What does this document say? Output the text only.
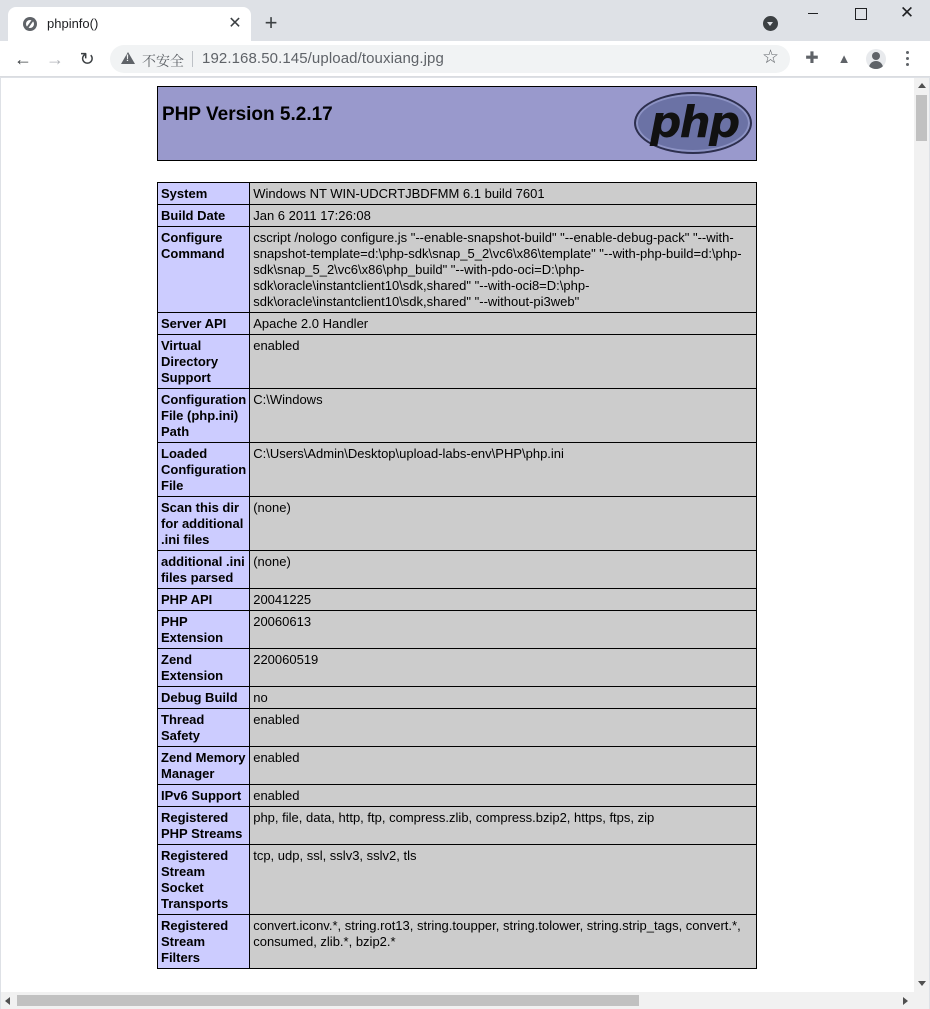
phpinfo()	✕ +	✕
← → ↻ !	不安全 192.168.50.145/upload/touxiang.jpg	☆ ✚ ▲
PHP Version 5.2.17	php
System	Windows NT WIN-UDCRTJBDFMM 6.1 build 7601
Build Date	Jan 6 2011 17:26:08
Configure Command	cscript /nologo configure.js "--enable-snapshot-build" "--enable-debug-pack" "--with-snapshot-template=d:\php-sdk\snap_5_2\vc6\x86\template" "--with-php-build=d:\php-sdk\snap_5_2\vc6\x86\php_build" "--with-pdo-oci=D:\php-sdk\oracle\instantclient10\sdk,shared" "--with-oci8=D:\php-sdk\oracle\instantclient10\sdk,shared" "--without-pi3web"
Server API	Apache 2.0 Handler
Virtual Directory Support	enabled
Configuration File (php.ini) Path	C:\Windows
Loaded Configuration File	C:\Users\Admin\Desktop\upload-labs-env\PHP\php.ini
Scan this dir for additional .ini files	(none)
additional .ini files parsed	(none)
PHP API	20041225
PHP Extension	20060613
Zend Extension	220060519
Debug Build	no
Thread Safety	enabled
Zend Memory Manager	enabled
IPv6 Support	enabled
Registered PHP Streams	php, file, data, http, ftp, compress.zlib, compress.bzip2, https, ftps, zip
Registered Stream Socket Transports	tcp, udp, ssl, sslv3, sslv2, tls
Registered Stream Filters	convert.iconv.*, string.rot13, string.toupper, string.tolower, string.strip_tags, convert.*, consumed, zlib.*, bzip2.*
